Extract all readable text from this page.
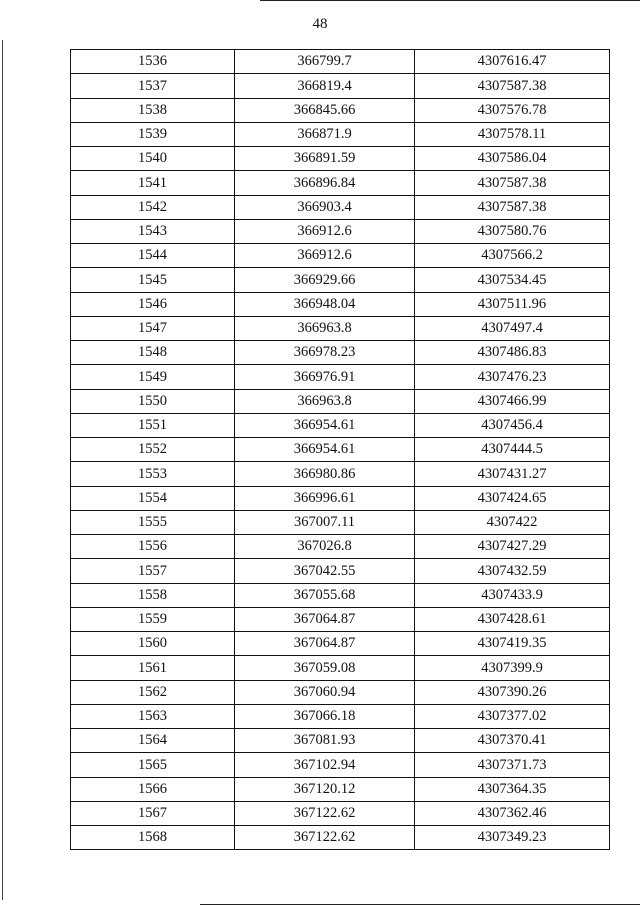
48
1536	366799.7	4307616.47
1537	366819.4	4307587.38
1538	366845.66	4307576.78
1539	366871.9	4307578.11
1540	366891.59	4307586.04
1541	366896.84	4307587.38
1542	366903.4	4307587.38
1543	366912.6	4307580.76
1544	366912.6	4307566.2
1545	366929.66	4307534.45
1546	366948.04	4307511.96
1547	366963.8	4307497.4
1548	366978.23	4307486.83
1549	366976.91	4307476.23
1550	366963.8	4307466.99
1551	366954.61	4307456.4
1552	366954.61	4307444.5
1553	366980.86	4307431.27
1554	366996.61	4307424.65
1555	367007.11	4307422
1556	367026.8	4307427.29
1557	367042.55	4307432.59
1558	367055.68	4307433.9
1559	367064.87	4307428.61
1560	367064.87	4307419.35
1561	367059.08	4307399.9
1562	367060.94	4307390.26
1563	367066.18	4307377.02
1564	367081.93	4307370.41
1565	367102.94	4307371.73
1566	367120.12	4307364.35
1567	367122.62	4307362.46
1568	367122.62	4307349.23
